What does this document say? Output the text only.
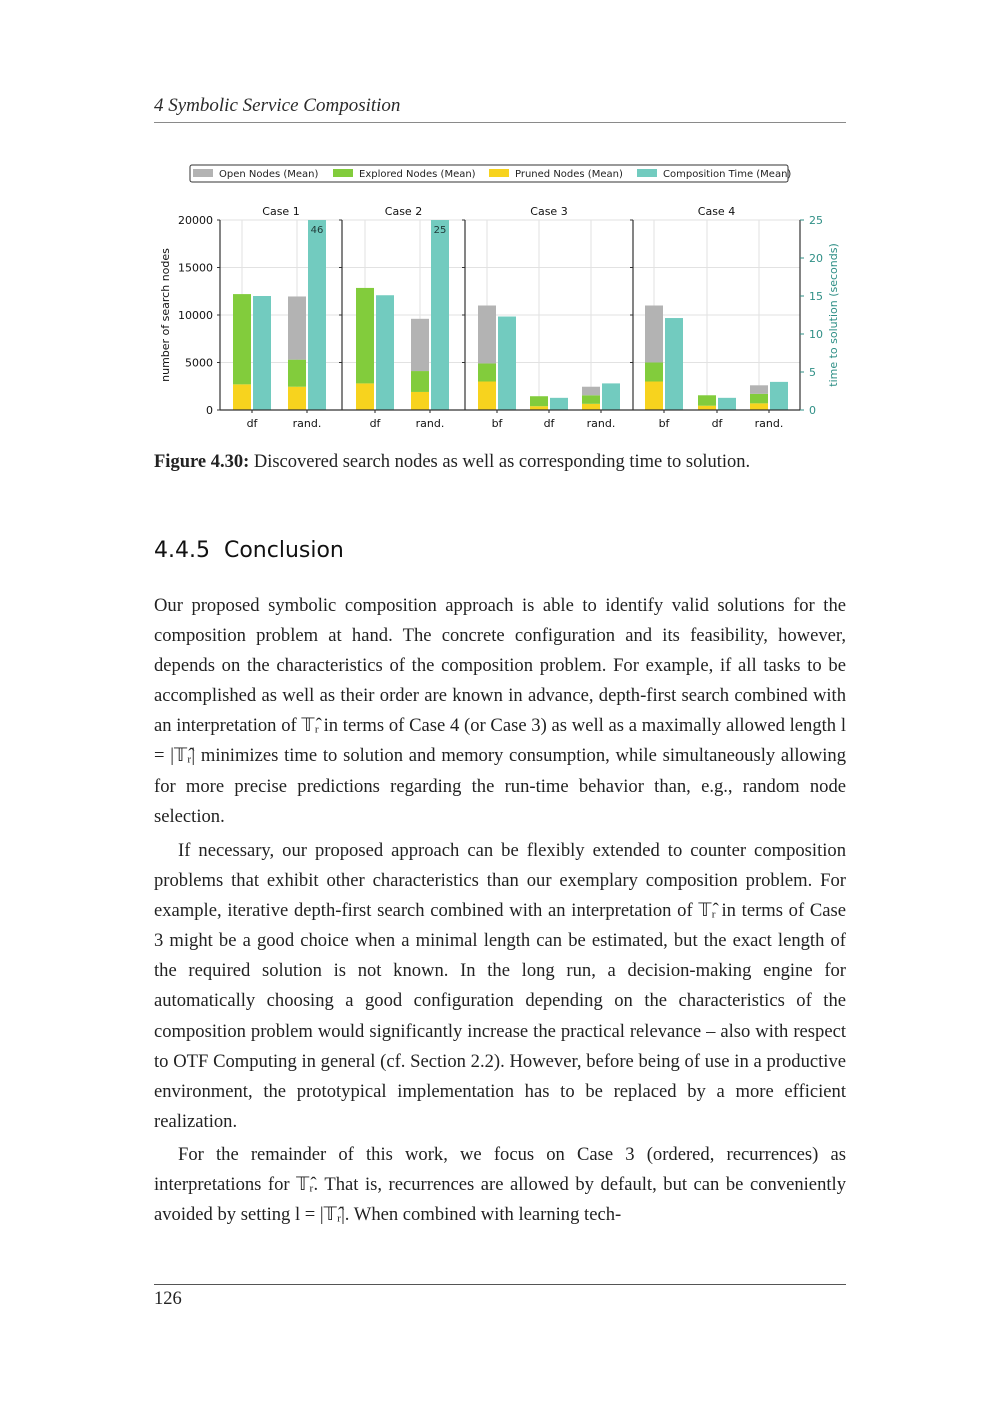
4 Symbolic Service Composition
Open Nodes (Mean)	Explored Nodes (Mean)	Pruned Nodes (Mean)	Composition Time (Mean)
Case 1
df
46
rand.
Case 2
df
25
rand.
Case 3
bf	df	rand.
Case 4
bf	df	rand.
0
5
10
15
20
25
0
5000
10000
15000
20000
number of search nodes	time to solution (seconds)
Figure 4.30: Discovered search nodes as well as corresponding time to solution.
4.4.5 Conclusion

Our proposed symbolic composition approach is able to identify valid solutions for the composition problem at hand. The concrete configuration and its feasibility, however, depends on the characteristics of the composition problem. For example, if all tasks to be accomplished as well as their order are known in advance, depth-first search combined with an interpretation of 𝕋ᵣ̂ in terms of Case 4 (or Case 3) as well as a maximally allowed length l = |𝕋ᵣ̂| minimizes time to solution and memory consumption, while simultaneously allowing for more precise predictions regarding the run-time behavior than, e.g., random node selection.

If necessary, our proposed approach can be flexibly extended to counter composition problems that exhibit other characteristics than our exemplary composition problem. For example, iterative depth-first search combined with an interpretation of 𝕋ᵣ̂ in terms of Case 3 might be a good choice when a minimal length can be estimated, but the exact length of the required solution is not known. In the long run, a decision-making engine for automatically choosing a good configuration depending on the characteristics of the composition problem would significantly increase the practical relevance – also with respect to OTF Computing in general (cf. Section 2.2). However, before being of use in a productive environment, the prototypical implementation has to be replaced by a more efficient realization.

For the remainder of this work, we focus on Case 3 (ordered, recurrences) as interpretations for 𝕋ᵣ̂. That is, recurrences are allowed by default, but can be conveniently avoided by setting l = |𝕋ᵣ̂|. When combined with learning tech-

126
